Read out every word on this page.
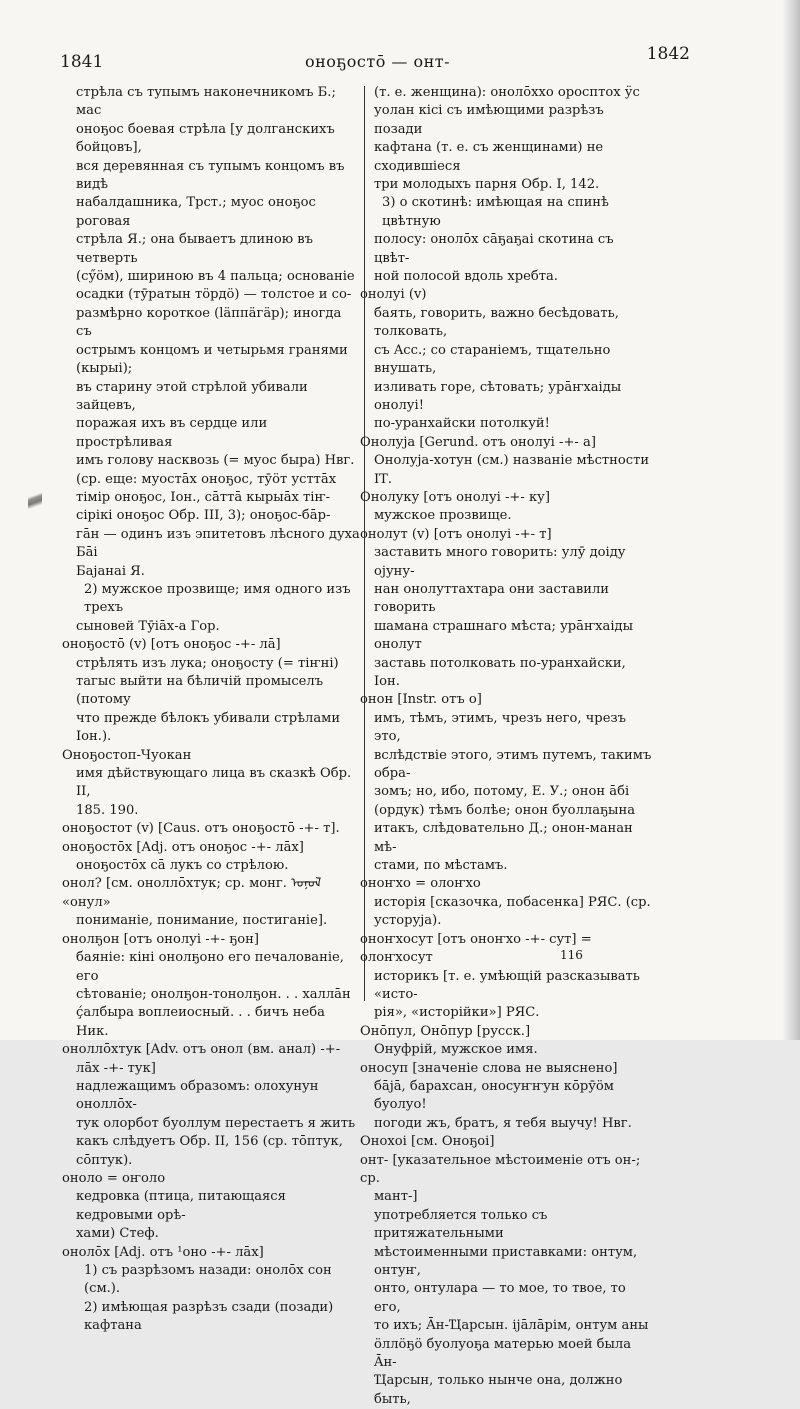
1841	оноҕостō — онт-	1842

стрѣла съ тупымъ наконечникомъ Б.; мас

оноҕос боевая стрѣла [у долганскихъ бойцовъ],

вся деревянная съ тупымъ концомъ въ видѣ

набалдашника, Трст.; муос оноҕос роговая

стрѣла Я.; она бываетъ длиною въ четверть

(сӳöм), шириною въ 4 пальца; основаніе

осадки (тӯратын тöрдö) — толстое и со-

размѣрно короткое (läппäгäр); иногда съ

острымъ концомъ и четырьмя гранями (кырыі);

въ старину этой стрѣлой убивали зайцевъ,

поражая ихъ въ сердце или прострѣливая

имъ голову насквозь (= муос быра) Нвг.

(ср. еще: муостāх оноҕос, тӯöт усттāх

тімір оноҕос, Іон., сāттā кырыāх тіҥ-

сірікі оноҕос Обр. III, 3); оноҕос-бāр-

гāн — одинъ изъ эпитетовъ лѣсного духа Бāі

Баjанаі Я.

2) мужское прозвище; имя одного изъ трехъ

сыновей Тӯіāх-а Гор.

оноҕостō (v) [отъ оноҕос -+- лā]

стрѣлять изъ лука; оноҕосту (= тіҥні)

тагыс выйти на бѣличій промыселъ (потому

что прежде бѣлокъ убивали стрѣлами Іон.).

Оноҕостоп-Чуокан

имя дѣйствующаго лица въ сказкѣ Обр. II,

185. 190.

оноҕостот (v) [Caus. отъ оноҕостō -+- т].

оноҕостōх [Adj. отъ оноҕос -+- лāх]

оноҕостōх сā лукъ со стрѣлою.

онол? [см. оноллōхтук; ср. монг. ᠣᠨᠤᠯ «онул»

пониманіе, понимание, постиганіе].

онолҕон [отъ онолуі -+- ҕон]

баяніе: кіні онолҕоно его печалованіе, его

сѣтованіе; онолҕон-тонолҕон. . . халлāн

ḉалбыра воплеиосный. . . бичъ неба Ник.

оноллōхтук [Adv. отъ онол (вм. анал) -+-

лāх -+- тук]

надлежащимъ образомъ: олохунун оноллōх-

тук олорбот буоллум перестаетъ я жить

какъ слѣдуетъ Обр. II, 156 (ср. тōптук,

сōптук).

оноло = оҥоло

кедровка (птица, питающаяся кедровыми орѣ-

хами) Стеф.

онолōх [Adj. отъ ¹оно -+- лāх]

1) съ разрѣзомъ назади: онолōх сон (см.).

2) имѣющая разрѣзъ сзади (позади) кафтана

(т. е. женщина): онолōххо оросптох ӱс

уолан кісі съ имѣющими разрѣзъ позади

кафтана (т. е. съ женщинами) не сходившіеся

три молодыхъ парня Обр. I, 142.

3) о скотинѣ: имѣющая на спинѣ цвѣтную

полосу: онолōх сāҕаҕаі скотина съ цвѣт-

ной полосой вдоль хребта.

онолуі (v)

баять, говорить, важно бесѣдовать, толковать,

съ Acc.; со стараніемъ, тщательно внушать,

изливать горе, сѣтовать; урāҥхаіды онолуі!

по-уранхайски потолкуй!

Онолуjа [Gerund. отъ онолуі -+- а]

Онолуjа-хотун (см.) названіе мѣстности ІТ.

Онолуку [отъ онолуі -+- ку]

мужское прозвище.

онолут (v) [отъ онолуі -+- т]

заставить много говорить: улӯ доіду оjуну-

нан онолуттахтара они заставили говорить

шамана страшнаго мѣста; урāҥхаіды онолут

заставь потолковать по-уранхайски, Іон.

онон [Instr. отъ о]

имъ, тѣмъ, этимъ, чрезъ него, чрезъ это,

вслѣдствіе этого, этимъ путемъ, такимъ обра-

зомъ; но, ибо, потому, Е. У.; онон āбі

(ордук) тѣмъ болѣе; онон буоллаҕына

итакъ, слѣдовательно Д.; онон-манан мѣ-

стами, по мѣстамъ.

оноҥхо = олоҥхо

исторія [сказочка, побасенка] РЯС. (ср.

усторуjа).

оноҥхосут [отъ оноҥхо -+- сут] = олоҥхосут

историкъ [т. е. умѣющій разсказывать «исто-

рія», «исторійки»] РЯС.

Онōпул, Онōпур [русск.]

Онуфрій, мужское имя.

оносуп [значеніе слова не выяснено]

бājā, барахсан, оносуҥҥун кōрӯöм буолуо!

погоди жъ, братъ, я тебя выучу! Нвг.

Онохоі [см. Оноҕоі]

онт- [указательное мѣстоименіе отъ он-; ср.

мант-]

употребляется только съ притяжательными

мѣстоименными приставками: онтум, онтуҥ,

онто, онтулара — то мое, то твое, то его,

то ихъ; Āн-Ҵарсын. іjāлāрім, онтум аны

öллöҕö буолуоҕа матерью моей была Āн-

Ҵарсын, только нынче она, должно быть,

116
